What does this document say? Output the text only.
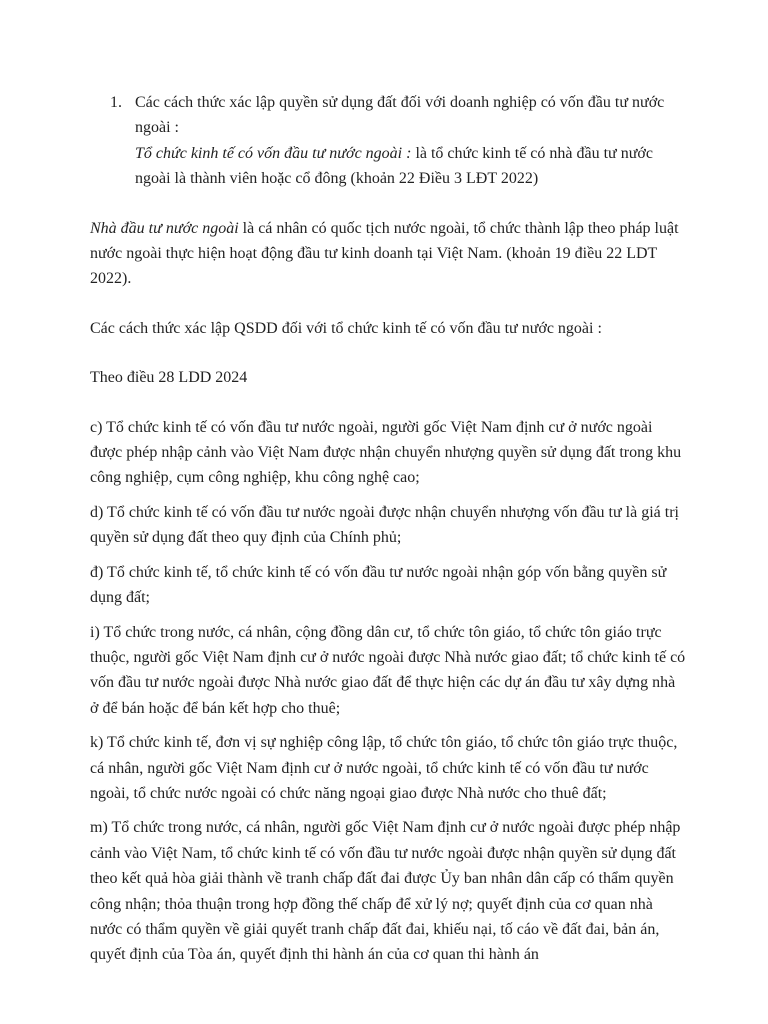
1. Các cách thức xác lập quyền sử dụng đất đối với doanh nghiệp có vốn đầu tư nước ngoài :
Tổ chức kinh tế có vốn đầu tư nước ngoài : là tổ chức kinh tế có nhà đầu tư nước ngoài là thành viên hoặc cổ đông (khoản 22 Điều 3 LĐT 2022)

Nhà đầu tư nước ngoài là cá nhân có quốc tịch nước ngoài, tổ chức thành lập theo pháp luật nước ngoài thực hiện hoạt động đầu tư kinh doanh tại Việt Nam. (khoản 19 điều 22 LDT 2022).

Các cách thức xác lập QSDD đối với tổ chức kinh tế có vốn đầu tư nước ngoài :

Theo điều 28 LDD 2024

c) Tổ chức kinh tế có vốn đầu tư nước ngoài, người gốc Việt Nam định cư ở nước ngoài được phép nhập cảnh vào Việt Nam được nhận chuyển nhượng quyền sử dụng đất trong khu công nghiệp, cụm công nghiệp, khu công nghệ cao;

d) Tổ chức kinh tế có vốn đầu tư nước ngoài được nhận chuyển nhượng vốn đầu tư là giá trị quyền sử dụng đất theo quy định của Chính phủ;

đ) Tổ chức kinh tế, tổ chức kinh tế có vốn đầu tư nước ngoài nhận góp vốn bằng quyền sử dụng đất;

i) Tổ chức trong nước, cá nhân, cộng đồng dân cư, tổ chức tôn giáo, tổ chức tôn giáo trực thuộc, người gốc Việt Nam định cư ở nước ngoài được Nhà nước giao đất; tổ chức kinh tế có vốn đầu tư nước ngoài được Nhà nước giao đất để thực hiện các dự án đầu tư xây dựng nhà ở để bán hoặc để bán kết hợp cho thuê;

k) Tổ chức kinh tế, đơn vị sự nghiệp công lập, tổ chức tôn giáo, tổ chức tôn giáo trực thuộc, cá nhân, người gốc Việt Nam định cư ở nước ngoài, tổ chức kinh tế có vốn đầu tư nước ngoài, tổ chức nước ngoài có chức năng ngoại giao được Nhà nước cho thuê đất;

m) Tổ chức trong nước, cá nhân, người gốc Việt Nam định cư ở nước ngoài được phép nhập cảnh vào Việt Nam, tổ chức kinh tế có vốn đầu tư nước ngoài được nhận quyền sử dụng đất theo kết quả hòa giải thành về tranh chấp đất đai được Ủy ban nhân dân cấp có thẩm quyền công nhận; thỏa thuận trong hợp đồng thế chấp để xử lý nợ; quyết định của cơ quan nhà nước có thẩm quyền về giải quyết tranh chấp đất đai, khiếu nại, tố cáo về đất đai, bản án, quyết định của Tòa án, quyết định thi hành án của cơ quan thi hành án
